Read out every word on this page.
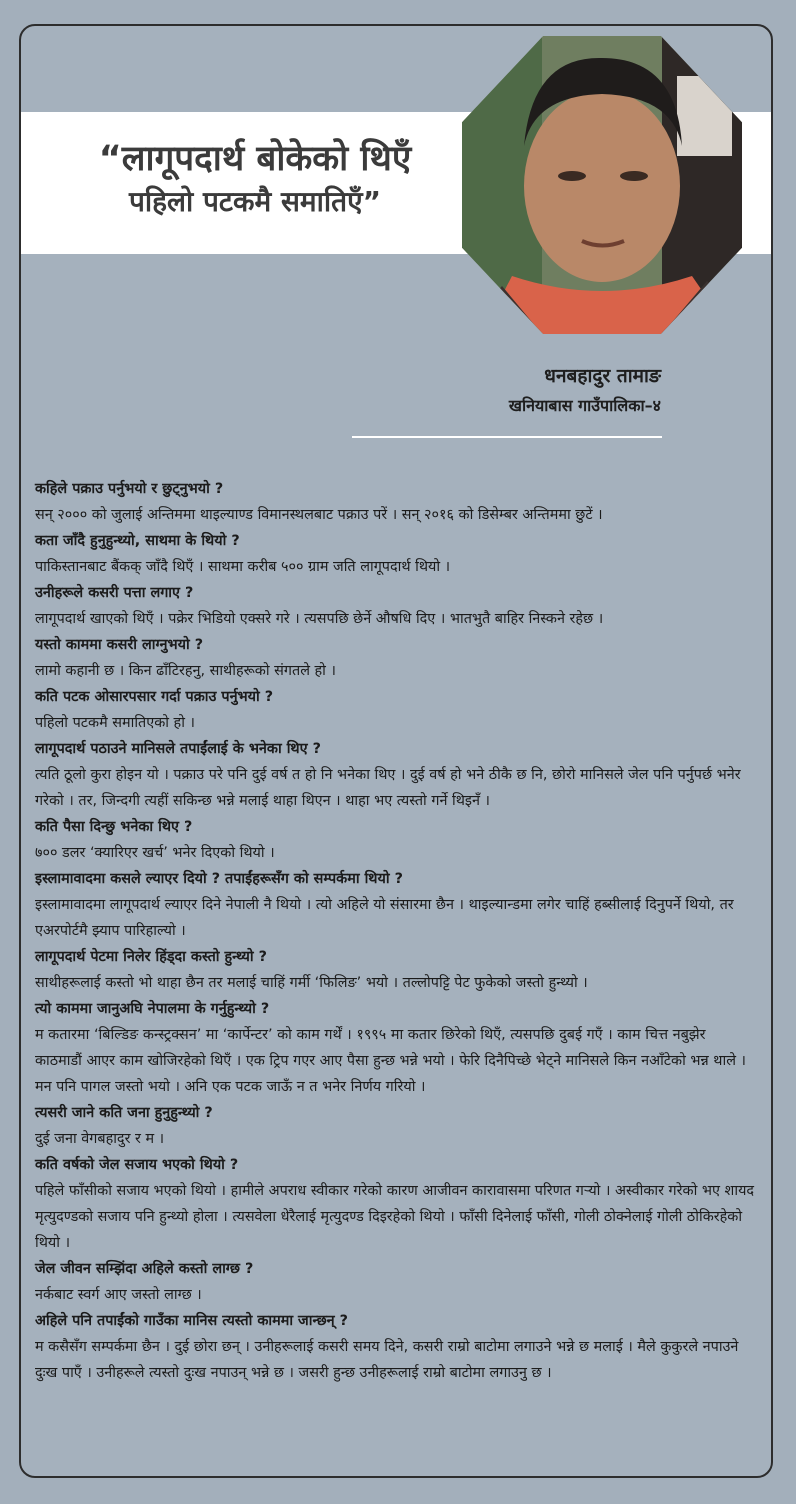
“लागूपदार्थ बोकेको थिएँ
पहिलो पटकमै समातिएँ”
धनबहादुर तामाङ
खनियाबास गाउँपालिका–४
कहिले पक्राउ पर्नुभयो र छुट्नुभयो ?
सन् २००० को जुलाई अन्तिममा थाइल्याण्ड विमानस्थलबाट पक्राउ परें । सन् २०१६ को डिसेम्बर अन्तिममा छुटें ।
कता जाँदै हुनुहुन्थ्यो, साथमा के थियो ?
पाकिस्तानबाट बैंकक् जाँदै थिएँ । साथमा करीब ५०० ग्राम जति लागूपदार्थ थियो ।
उनीहरूले कसरी पत्ता लगाए ?
लागूपदार्थ खाएको थिएँ । पक्रेर भिडियो एक्सरे गरे । त्यसपछि छेर्ने औषधि दिए । भातभुतै बाहिर निस्कने रहेछ ।
यस्तो काममा कसरी लाग्नुभयो ?
लामो कहानी छ । किन ढाँटिरहनु, साथीहरूको संगतले हो ।
कति पटक ओसारपसार गर्दा पक्राउ पर्नुभयो ?
पहिलो पटकमै समातिएको हो ।
लागूपदार्थ पठाउने मानिसले तपाईंलाई के भनेका थिए ?
त्यति ठूलो कुरा होइन यो । पक्राउ परे पनि दुई वर्ष त हो नि भनेका थिए । दुई वर्ष हो भने ठीकै छ नि, छोरो मानिसले जेल पनि पर्नुपर्छ भनेर गरेको । तर, जिन्दगी त्यहीं सकिन्छ भन्ने मलाई थाहा थिएन । थाहा भए त्यस्तो गर्ने थिइनँ ।
कति पैसा दिन्छु भनेका थिए ?
७०० डलर ‘क्यारिएर खर्च’ भनेर दिएको थियो ।
इस्लामावादमा कसले ल्याएर दियो ? तपाईंहरूसँग को सम्पर्कमा थियो ?
इस्लामावादमा लागूपदार्थ ल्याएर दिने नेपाली नै थियो । त्यो अहिले यो संसारमा छैन । थाइल्यान्डमा लगेर चाहिं हब्सीलाई दिनुपर्ने थियो, तर एअरपोर्टमै झ्याप पारिहाल्यो ।
लागूपदार्थ पेटमा निलेर हिंड्दा कस्तो हुन्थ्यो ?
साथीहरूलाई कस्तो भो थाहा छैन तर मलाई चाहिं गर्मी ‘फिलिङ’ भयो । तल्लोपट्टि पेट फुकेको जस्तो हुन्थ्यो ।
त्यो काममा जानुअघि नेपालमा के गर्नुहुन्थ्यो ?
म कतारमा ‘बिल्डिङ कन्स्ट्रक्सन’ मा ‘कार्पेन्टर’ को काम गर्थें । १९९५ मा कतार छिरेको थिएँ, त्यसपछि दुबई गएँ । काम चित्त नबुझेर काठमाडौं आएर काम खोजिरहेको थिएँ । एक ट्रिप गएर आए पैसा हुन्छ भन्ने भयो । फेरि दिनैपिच्छे भेट्ने मानिसले किन नआँटेको भन्न थाले । मन पनि पागल जस्तो भयो । अनि एक पटक जाऊँ न त भनेर निर्णय गरियो ।
त्यसरी जाने कति जना हुनुहुन्थ्यो ?
दुई जना वेगबहादुर र म ।
कति वर्षको जेल सजाय भएको थियो ?
पहिले फाँसीको सजाय भएको थियो । हामीले अपराध स्वीकार गरेको कारण आजीवन कारावासमा परिणत गऱ्यो । अस्वीकार गरेको भए शायद मृत्युदण्डको सजाय पनि हुन्थ्यो होला । त्यसवेला धेरैलाई मृत्युदण्ड दिइरहेको थियो । फाँसी दिनेलाई फाँसी, गोली ठोक्नेलाई गोली ठोकिरहेको थियो ।
जेल जीवन सम्झिंदा अहिले कस्तो लाग्छ ?
नर्कबाट स्वर्ग आए जस्तो लाग्छ ।
अहिले पनि तपाईंको गाउँका मानिस त्यस्तो काममा जान्छन् ?
म कसैसँग सम्पर्कमा छैन । दुई छोरा छन् । उनीहरूलाई कसरी समय दिने, कसरी राम्रो बाटोमा लगाउने भन्ने छ मलाई । मैले कुकुरले नपाउने दुःख पाएँ । उनीहरूले त्यस्तो दुःख नपाउन् भन्ने छ । जसरी हुन्छ उनीहरूलाई राम्रो बाटोमा लगाउनु छ ।
